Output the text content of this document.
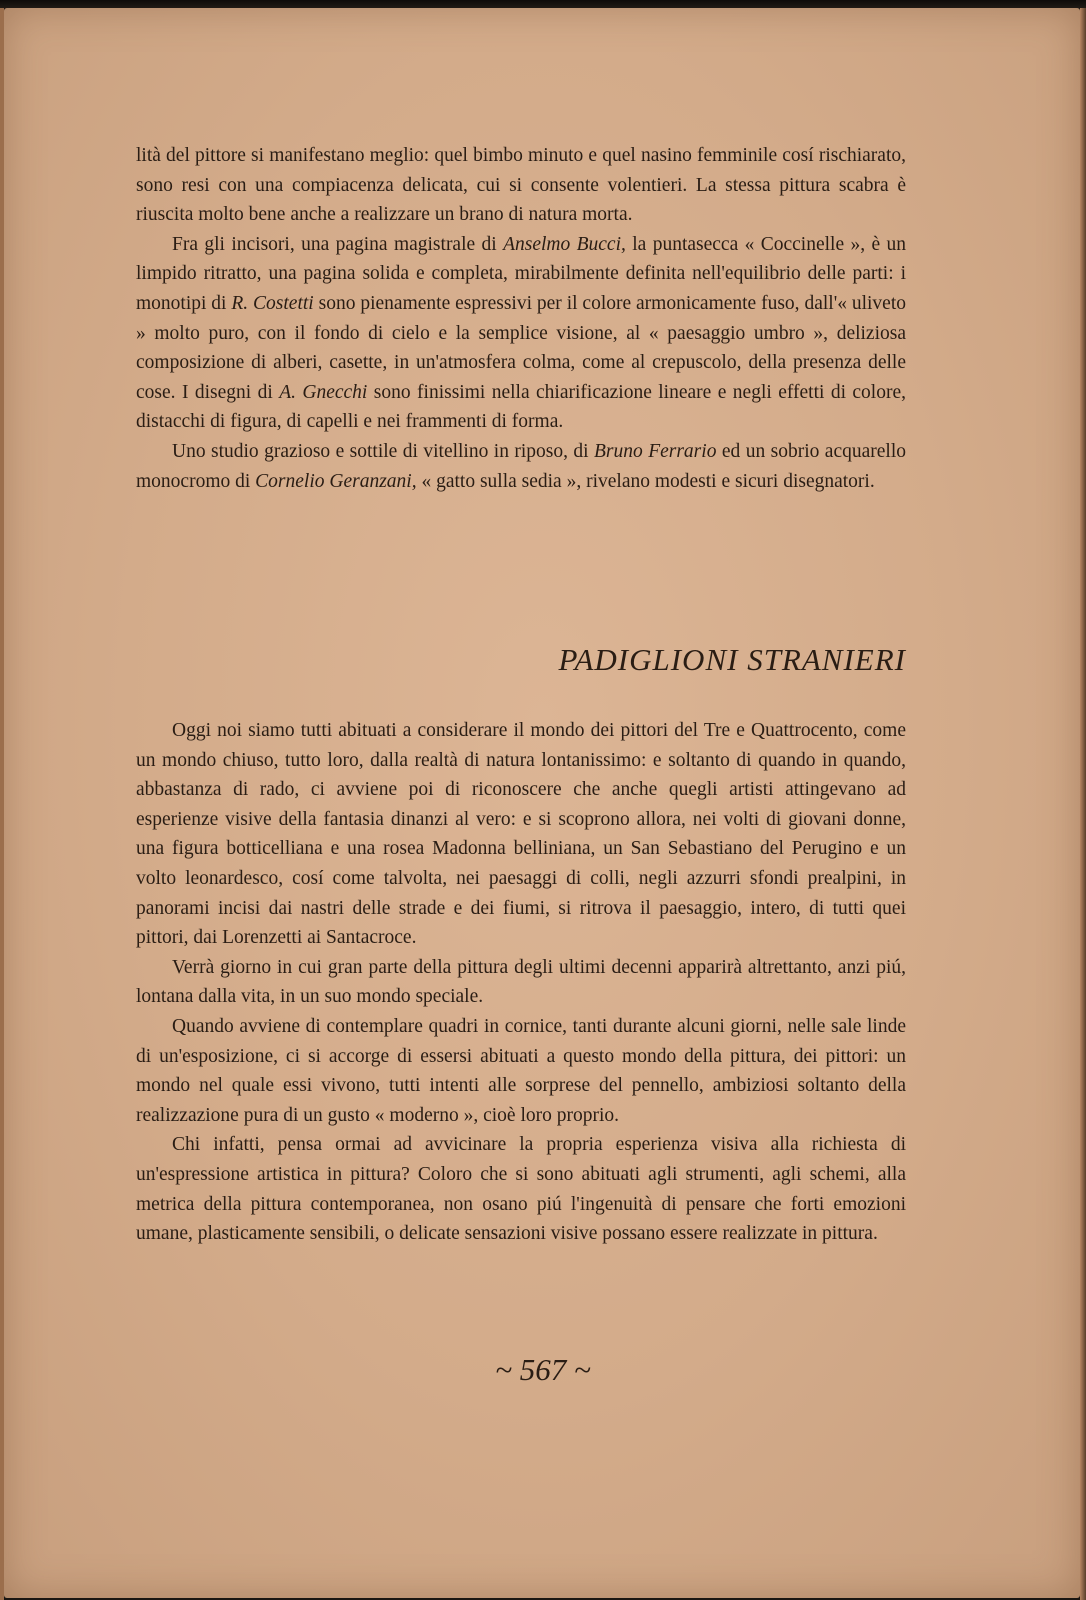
lità del pittore si manifestano meglio: quel bimbo minuto e quel nasino femminile cosí rischiarato, sono resi con una compiacenza delicata, cui si consente volentieri. La stessa pittura scabra è riuscita molto bene anche a realizzare un brano di natura morta.

Fra gli incisori, una pagina magistrale di Anselmo Bucci, la puntasecca « Coccinelle », è un limpido ritratto, una pagina solida e completa, mirabilmente definita nell'equilibrio delle parti: i monotipi di R. Costetti sono pienamente espressivi per il colore armonicamente fuso, dall'« uliveto » molto puro, con il fondo di cielo e la semplice visione, al « paesaggio umbro », deliziosa composizione di alberi, casette, in un'atmosfera colma, come al crepuscolo, della presenza delle cose. I disegni di A. Gnecchi sono finissimi nella chiarificazione lineare e negli effetti di colore, distacchi di figura, di capelli e nei frammenti di forma.

Uno studio grazioso e sottile di vitellino in riposo, di Bruno Ferrario ed un sobrio acquarello monocromo di Cornelio Geranzani, « gatto sulla sedia », rivelano modesti e sicuri disegnatori.

PADIGLIONI STRANIERI

Oggi noi siamo tutti abituati a considerare il mondo dei pittori del Tre e Quattrocento, come un mondo chiuso, tutto loro, dalla realtà di natura lontanissimo: e soltanto di quando in quando, abbastanza di rado, ci avviene poi di riconoscere che anche quegli artisti attingevano ad esperienze visive della fantasia dinanzi al vero: e si scoprono allora, nei volti di giovani donne, una figura botticelliana e una rosea Madonna belliniana, un San Sebastiano del Perugino e un volto leonardesco, cosí come talvolta, nei paesaggi di colli, negli azzurri sfondi prealpini, in panorami incisi dai nastri delle strade e dei fiumi, si ritrova il paesaggio, intero, di tutti quei pittori, dai Lorenzetti ai Santacroce.

Verrà giorno in cui gran parte della pittura degli ultimi decenni apparirà altrettanto, anzi piú, lontana dalla vita, in un suo mondo speciale.

Quando avviene di contemplare quadri in cornice, tanti durante alcuni giorni, nelle sale linde di un'esposizione, ci si accorge di essersi abituati a questo mondo della pittura, dei pittori: un mondo nel quale essi vivono, tutti intenti alle sorprese del pennello, ambiziosi soltanto della realizzazione pura di un gusto « moderno », cioè loro proprio.

Chi infatti, pensa ormai ad avvicinare la propria esperienza visiva alla richiesta di un'espressione artistica in pittura? Coloro che si sono abituati agli strumenti, agli schemi, alla metrica della pittura contemporanea, non osano piú l'ingenuità di pensare che forti emozioni umane, plasticamente sensibili, o delicate sensazioni visive possano essere realizzate in pittura.

~ 567 ~
